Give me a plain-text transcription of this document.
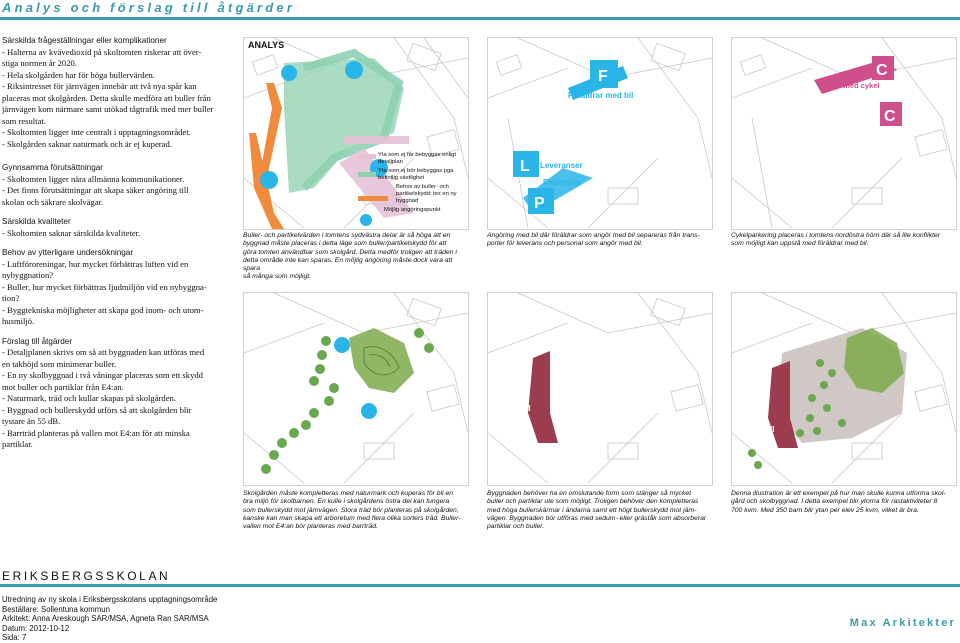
Analys och förslag till åtgärder
Särskilda frågeställningar eller komplikationer
- Halterna av kvävedioxid på skoltomten riskerar att över-
stiga normen år 2020.
- Hela skolgården har för höga bullervärden.
- Riksintresset för järnvägen innebär att två nya spår kan
placeras mot skolgården. Detta skulle medföra att buller från
järnvägen kom närmare samt utökad tågtrafik med mer buller
som resultat.
- Skoltomten ligger inte centralt i upptagningsområdet.
- Skolgården saknar naturmark och är ej kuperad.
Gynnsamma förutsättningar
- Skoltomten ligger nära allmänna kommunikationer.
- Det finns förutsättningar att skapa säker angöring till
skolan och säkrare skolvägar.
Särskilda kvaliteter
- Skoltomten saknar särskilda kvaliteter.
Behov av ytterligare undersökningar
- Luftföroreningar, hur mycket förbättras luften vid en
nybyggnation?
- Buller, hur mycket förbättras ljudmiljön vid en nybyggna-
tion?
- Byggtekniska möjligheter att skapa god inom- och utom-
husmiljö.
Förslag till åtgärder
- Detaljplanen skrivs om så att byggnaden kan utföras med
en takhöjd som minimerar buller.
- En ny skolbyggnad i två våningar placeras som ett skydd
mot buller och partiklar från E4:an.
- Naturmark, träd och kullar skapas på skolgården.
- Byggnad och bullerskydd utförs så att skolgården blir
tystare än 55 dB.
- Barrträd planteras på vallen mot E4:an för att minska
partiklar.
ANALYS
Yta som ej får bebyggas enligt detaljplan
Yta som ej bör bebyggas pga befintlig växtlighet
Behov av buller- och partikelskydd; tex en ny byggnad
Möjlig angöringspunkt
F
Föräldrar med bil
L Leveranser
P
Parkering
C
Barn med cykel
C
Buller- och partikelvärden i tomtens sydvästra delar är så höga att en
byggnad måste placeras i detta läge som buller/partikelskydd för att
göra tomten användbar som skolgård. Detta medför troligen att träden i
detta område inte kan sparas. En möjlig angöring måste dock vara att spara
så många som möjligt.
Angöring med bil där föräldrar som angör med bil separeras från trans-
porter för leverans och personal som angör med bil.
Cykelparkering placeras i tomtens nordöstra hörn där så lite konflikter
som möjligt kan uppstå med föräldrar med bil.
II
II
Skolgården måste kompletteras med naturmark och kuperas för bli en
bra miljö för skolbarnen. En kulle i skolgårdens östra del kan fungera
som bullerskydd mot järnvägen. Stora träd bör planteras på skolgården,
kanske kan man skapa ett arboretum med flera olika sorters träd. Buller-
vallen mot E4:an bör planteras med barrträd.
Byggnaden behöver ha en omslutande form som stänger så mycket
buller och partiklar ute som möjligt. Troligen behöver den kompletteras
med höga bullerskärmar i ändarna samt ett högt bullerskydd mot järn-
vägen. Byggnaden bör utföras med sedum- eller gräståk som absorberar
partiklar och buller.
Denna illustration är ett exempel på hur man skulle kunna utforma skol-
gård och skolbyggnad. I detta exempel blir ytorna för rastaktiviteter 8
700 kvm. Med 350 barn blir ytan per elev 25 kvm, vilket är bra.
ERIKSBERGSSKOLAN
Utredning av ny skola i Eriksbergsskolans upptagningsområde
Beställare: Sollentuna kommun
Arkitekt: Anna Areskough SAR/MSA, Agneta Ran SAR/MSA
Datum: 2012-10-12
Sida: 7
Max Arkitekter
